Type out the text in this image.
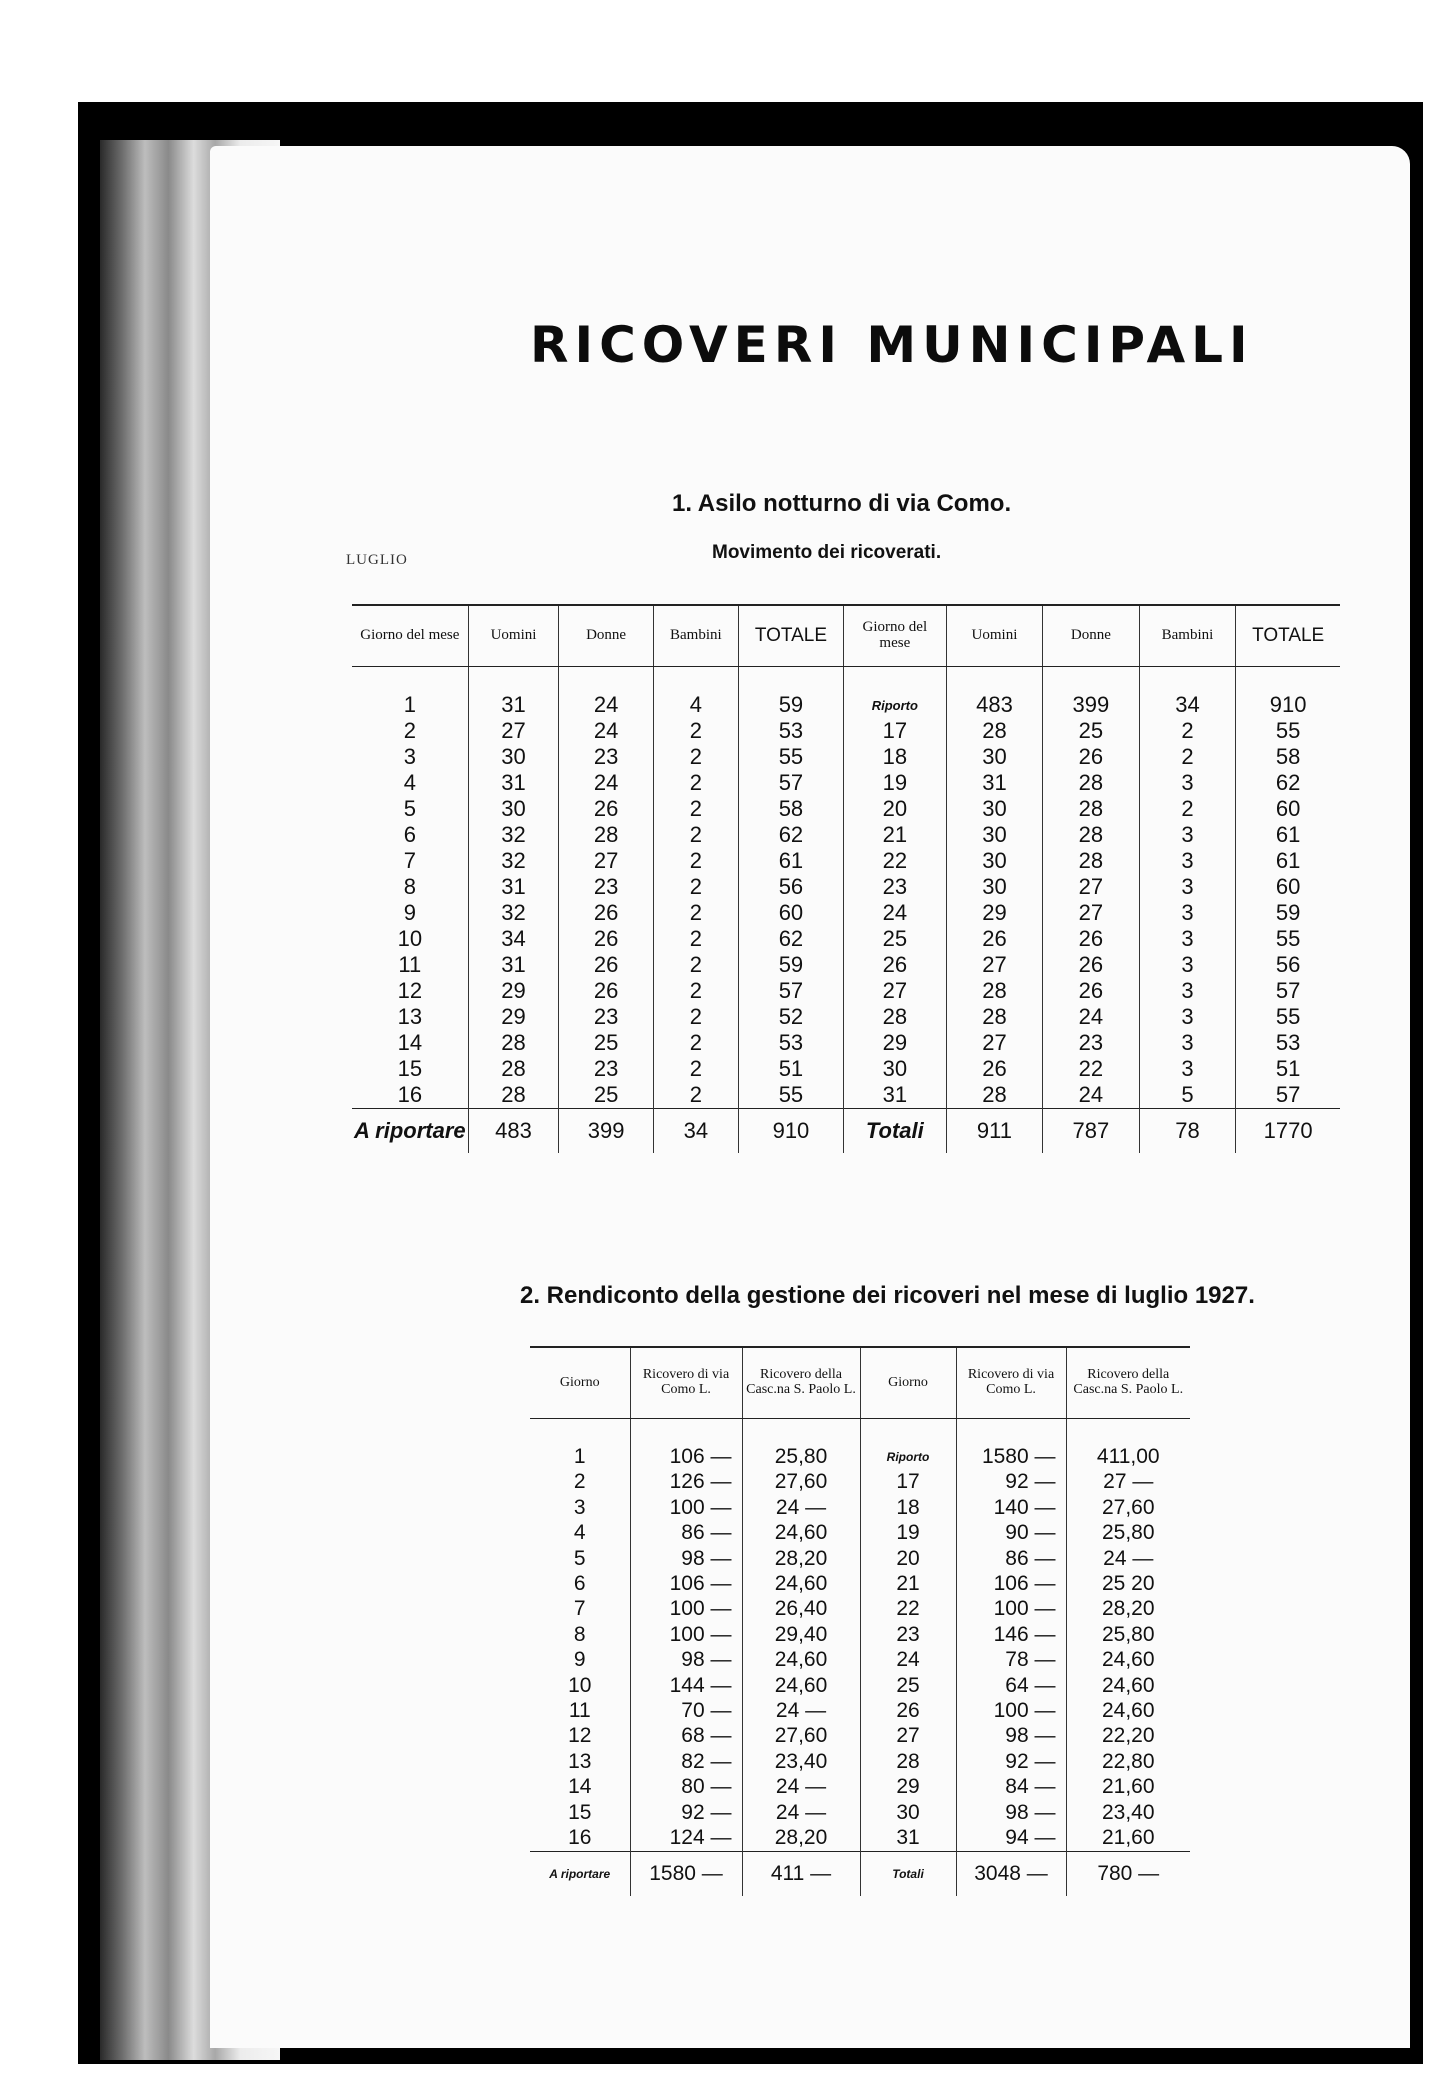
RICOVERI MUNICIPALI
1. Asilo notturno di via Como.
LUGLIO	Movimento dei ricoverati.
Giorno del mese	Uomini	Donne	Bambini	TOTALE	Giorno del mese	Uomini	Donne	Bambini	TOTALE

1	31	24	4	59	Riporto	483	399	34	910
2	27	24	2	53	17	28	25	2	55
3	30	23	2	55	18	30	26	2	58
4	31	24	2	57	19	31	28	3	62
5	30	26	2	58	20	30	28	2	60
6	32	28	2	62	21	30	28	3	61
7	32	27	2	61	22	30	28	3	61
8	31	23	2	56	23	30	27	3	60
9	32	26	2	60	24	29	27	3	59
10	34	26	2	62	25	26	26	3	55
11	31	26	2	59	26	27	26	3	56
12	29	26	2	57	27	28	26	3	57
13	29	23	2	52	28	28	24	3	55
14	28	25	2	53	29	27	23	3	53
15	28	23	2	51	30	26	22	3	51
16	28	25	2	55	31	28	24	5	57
A riportare	483	399	34	910	Totali	911	787	78	1770
2. Rendiconto della gestione dei ricoveri nel mese di luglio 1927.
Giorno	Ricovero di via Como L.	Ricovero della Casc.na S. Paolo L.	Giorno	Ricovero di via Como L.	Ricovero della Casc.na S. Paolo L.

1	106 —	25,80	Riporto	1580 —	411,00
2	126 —	27,60	17	92 —	27 —
3	100 —	24 —	18	140 —	27,60
4	86 —	24,60	19	90 —	25,80
5	98 —	28,20	20	86 —	24 —
6	106 —	24,60	21	106 —	25 20
7	100 —	26,40	22	100 —	28,20
8	100 —	29,40	23	146 —	25,80
9	98 —	24,60	24	78 —	24,60
10	144 —	24,60	25	64 —	24,60
11	70 —	24 —	26	100 —	24,60
12	68 —	27,60	27	98 —	22,20
13	82 —	23,40	28	92 —	22,80
14	80 —	24 —	29	84 —	21,60
15	92 —	24 —	30	98 —	23,40
16	124 —	28,20	31	94 —	21,60
A riportare	1580 —	411 —	Totali	3048 —	780 —
